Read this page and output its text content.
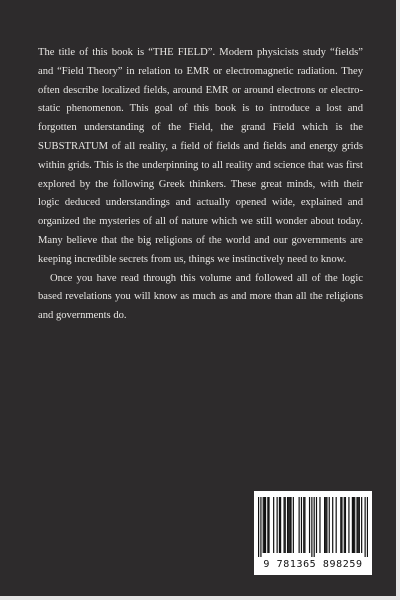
The title of this book is “THE FIELD”. Modern physicists study “fields” and “Field Theory” in relation to EMR or electromagnetic radiation. They often describe localized fields, around EMR or around electrons or electro-static phenomenon. This goal of this book is to introduce a lost and forgotten understanding of the Field, the grand Field which is the SUBSTRATUM of all reality, a field of fields and fields and energy grids within grids. This is the underpinning to all reality and science that was first explored by the following Greek thinkers. These great minds, with their logic deduced understandings and actually opened wide, explained and organized the mysteries of all of nature which we still wonder about today. Many believe that the big religions of the world and our governments are keeping incredible secrets from us, things we instinctively need to know.

Once you have read through this volume and followed all of the logic based revelations you will know as much as and more than all the religions and governments do.

9 781365 898259
